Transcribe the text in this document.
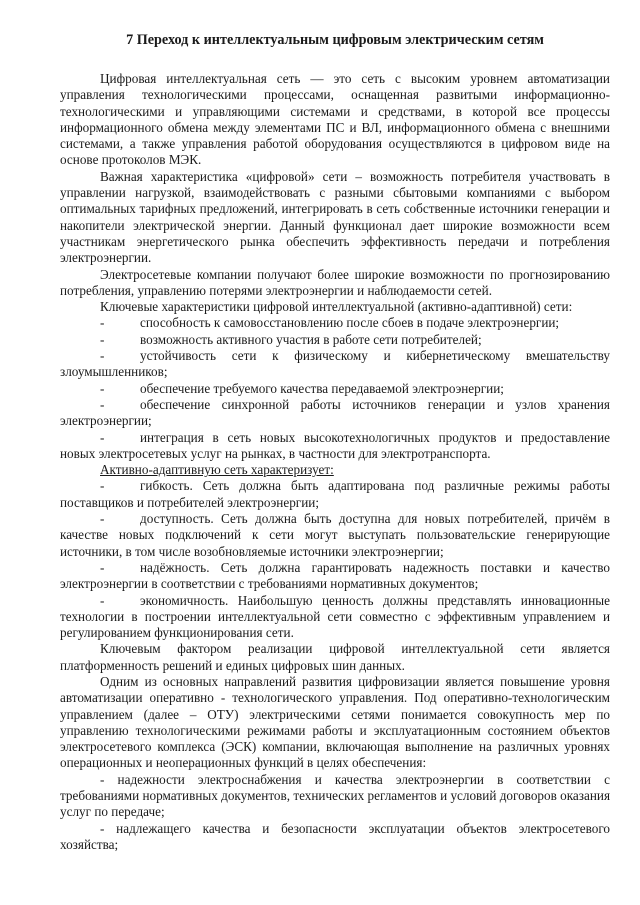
7 Переход к интеллектуальным цифровым электрическим сетям

Цифровая интеллектуальная сеть — это сеть с высоким уровнем автоматизации управления технологическими процессами, оснащенная развитыми информационно-технологическими и управляющими системами и средствами, в которой все процессы информационного обмена между элементами ПС и ВЛ, информационного обмена с внешними системами, а также управления работой оборудования осуществляются в цифровом виде на основе протоколов МЭК.

Важная характеристика «цифровой» сети – возможность потребителя участвовать в управлении нагрузкой, взаимодействовать с разными сбытовыми компаниями с выбором оптимальных тарифных предложений, интегрировать в сеть собственные источники генерации и накопители электрической энергии. Данный функционал дает широкие возможности всем участникам энергетического рынка обеспечить эффективность передачи и потребления электроэнергии.

Электросетевые компании получают более широкие возможности по прогнозированию потребления, управлению потерями электроэнергии и наблюдаемости сетей.

Ключевые характеристики цифровой интеллектуальной (активно-адаптивной) сети:

-	способность к самовосстановлению после сбоев в подаче электроэнергии;

-	возможность активного участия в работе сети потребителей;

-	устойчивость сети к физическому и кибернетическому вмешательству злоумышленников;

-	обеспечение требуемого качества передаваемой электроэнергии;

-	обеспечение синхронной работы источников генерации и узлов хранения электроэнергии;

-	интеграция в сеть новых высокотехнологичных продуктов и предоставление новых электросетевых услуг на рынках, в частности для электротранспорта.

Активно-адаптивную сеть характеризует:

-	гибкость. Сеть должна быть адаптирована под различные режимы работы поставщиков и потребителей электроэнергии;

-	доступность. Сеть должна быть доступна для новых потребителей, причём в качестве новых подключений к сети могут выступать пользовательские генерирующие источники, в том числе возобновляемые источники электроэнергии;

-	надёжность. Сеть должна гарантировать надежность поставки и качество электроэнергии в соответствии с требованиями нормативных документов;

-	экономичность. Наибольшую ценность должны представлять инновационные технологии в построении интеллектуальной сети совместно с эффективным управлением и регулированием функционирования сети.

Ключевым фактором реализации цифровой интеллектуальной сети является платформенность решений и единых цифровых шин данных.

Одним из основных направлений развития цифровизации является повышение уровня автоматизации оперативно - технологического управления. Под оперативно-технологическим управлением (далее – ОТУ) электрическими сетями понимается совокупность мер по управлению технологическими режимами работы и эксплуатационным состоянием объектов электросетевого комплекса (ЭСК) компании, включающая выполнение на различных уровнях операционных и неоперационных функций в целях обеспечения:

- надежности электроснабжения и качества электроэнергии в соответствии с требованиями нормативных документов, технических регламентов и условий договоров оказания услуг по передаче;

- надлежащего качества и безопасности эксплуатации объектов электросетевого хозяйства;
